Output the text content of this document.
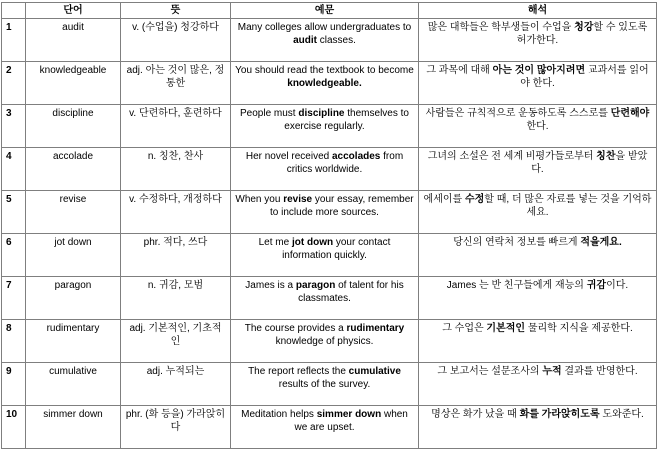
	단어	뜻	예문	해석
1	audit	v. (수업을) 청강하다	Many colleges allow undergraduates to audit classes.	많은 대학들은 학부생들이 수업을 청강할 수 있도록 허가한다.
2	knowledgeable	adj. 아는 것이 많은, 정통한	You should read the textbook to become knowledgeable.	그 과목에 대해 아는 것이 많아지려면 교과서를 읽어야 한다.
3	discipline	v. 단련하다, 훈련하다	People must discipline themselves to exercise regularly.	사람들은 규칙적으로 운동하도록 스스로를 단련해야 한다.
4	accolade	n. 칭찬, 찬사	Her novel received accolades from critics worldwide.	그녀의 소설은 전 세계 비평가들로부터 칭찬을 받았다.
5	revise	v. 수정하다, 개정하다	When you revise your essay, remember to include more sources.	에세이를 수정할 때, 더 많은 자료를 넣는 것을 기억하세요.
6	jot down	phr. 적다, 쓰다	Let me jot down your contact information quickly.	당신의 연락처 정보를 빠르게 적을게요.
7	paragon	n. 귀감, 모범	James is a paragon of talent for his classmates.	James 는 반 친구들에게 재능의 귀감이다.
8	rudimentary	adj. 기본적인, 기초적인	The course provides a rudimentary knowledge of physics.	그 수업은 기본적인 물리학 지식을 제공한다.
9	cumulative	adj. 누적되는	The report reflects the cumulative results of the survey.	그 보고서는 설문조사의 누적 결과를 반영한다.
10	simmer down	phr. (화 등을) 가라앉히다	Meditation helps simmer down when we are upset.	명상은 화가 났을 때 화를 가라앉히도록 도와준다.
